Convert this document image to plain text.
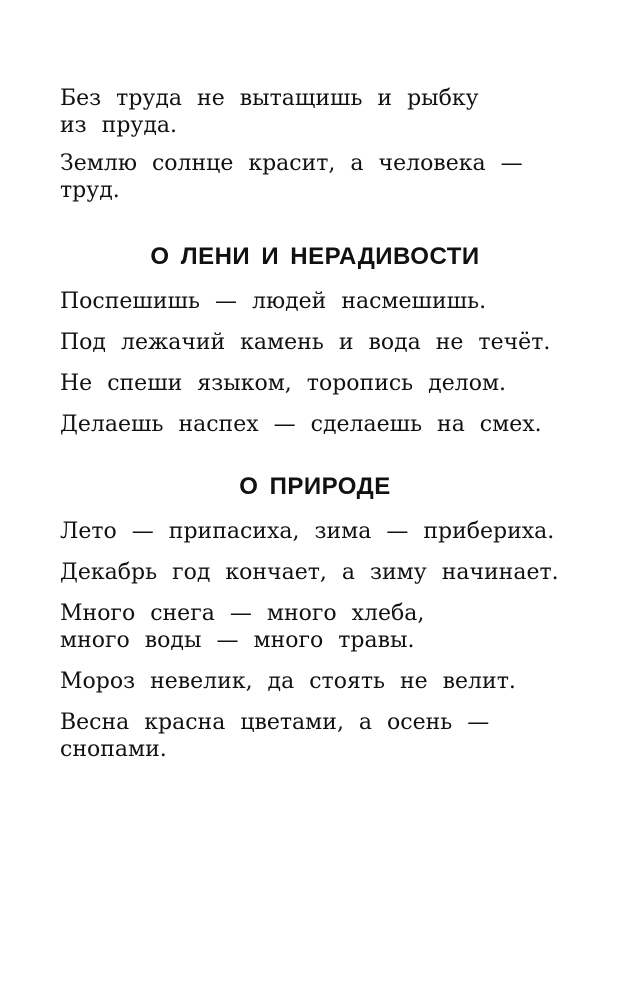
Без труда не вытащишь и рыбку
из пруда.

Землю солнце красит, а человека —
труд.

О ЛЕНИ И НЕРАДИВОСТИ

Поспешишь — людей насмешишь.

Под лежачий камень и вода не течёт.

Не спеши языком, торопись делом.

Делаешь наспех — сделаешь на смех.

О ПРИРОДЕ

Лето — припасиха, зима — прибериха.

Декабрь год кончает, а зиму начинает.

Много снега — много хлеба,
много воды — много травы.

Мороз невелик, да стоять не велит.

Весна красна цветами, а осень —
снопами.
